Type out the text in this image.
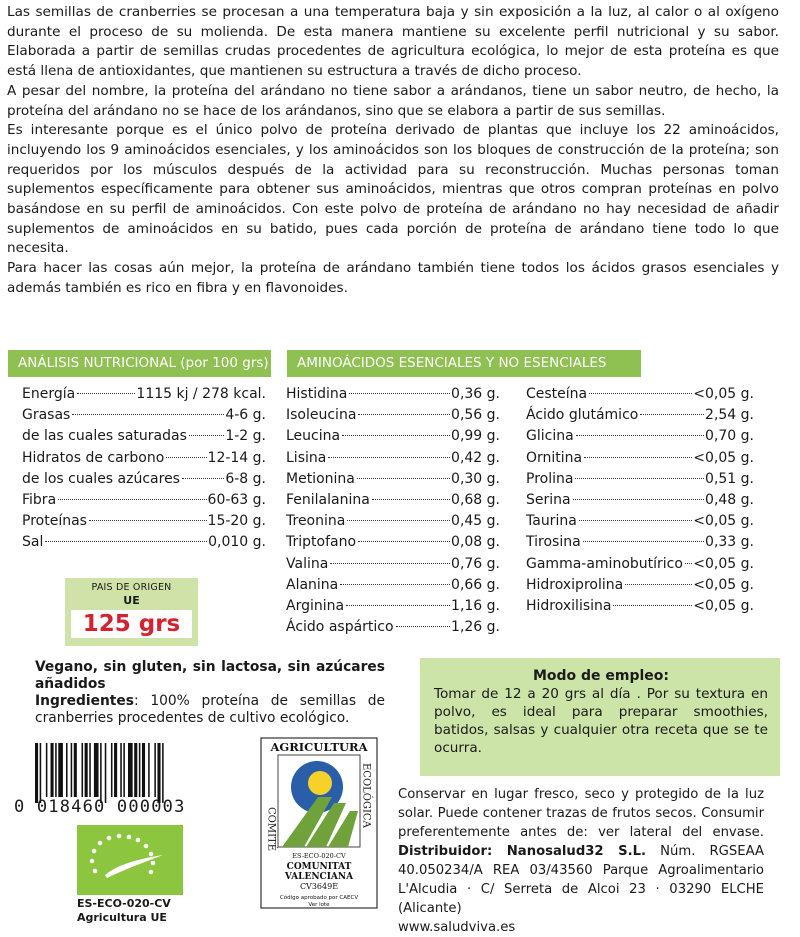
Las semillas de cranberries se procesan a una temperatura baja y sin exposición a la luz, al calor o al oxígeno durante el proceso de su molienda. De esta manera mantiene su excelente perfil nutricional y su sabor. Elaborada a partir de semillas crudas procedentes de agricultura ecológica, lo mejor de esta proteína es que está llena de antioxidantes, que mantienen su estructura a través de dicho proceso.

A pesar del nombre, la proteína del arándano no tiene sabor a arándanos, tiene un sabor neutro, de hecho, la proteína del arándano no se hace de los arándanos, sino que se elabora a partir de sus semillas.

Es interesante porque es el único polvo de proteína derivado de plantas que incluye los 22 aminoácidos, incluyendo los 9 aminoácidos esenciales, y los aminoácidos son los bloques de construcción de la proteína; son requeridos por los músculos después de la actividad para su reconstrucción. Muchas personas toman suplementos específicamente para obtener sus aminoácidos, mientras que otros compran proteínas en polvo basándose en su perfil de aminoácidos. Con este polvo de proteína de arándano no hay necesidad de añadir suplementos de aminoácidos en su batido, pues cada porción de proteína de arándano tiene todo lo que necesita.

Para hacer las cosas aún mejor, la proteína de arándano también tiene todos los ácidos grasos esenciales y además también es rico en fibra y en flavonoides.

ANÁLISIS NUTRICIONAL (por 100 grs)	AMINOÁCIDOS ESENCIALES Y NO ESENCIALES
Energía	1115 kj / 278 kcal.
Grasas	4-6 g.
de las cuales saturadas	1-2 g.
Hidratos de carbono	12-14 g.
de los cuales azúcares	6-8 g.
Fibra	60-63 g.
Proteínas	15-20 g.
Sal	0,010 g.
Histidina	0,36 g.
Isoleucina	0,56 g.
Leucina	0,99 g.
Lisina	0,42 g.
Metionina	0,30 g.
Fenilalanina	0,68 g.
Treonina	0,45 g.
Triptofano	0,08 g.
Valina	0,76 g.
Alanina	0,66 g.
Arginina	1,16 g.
Ácido aspártico	1,26 g.
Cesteína	<0,05 g.
Ácido glutámico	2,54 g.
Glicina	0,70 g.
Ornitina	<0,05 g.
Prolina	0,51 g.
Serina	0,48 g.
Taurina	<0,05 g.
Tirosina	0,33 g.
Gamma-aminobutírico <0,05 g.
Hidroxiprolina	<0,05 g.
Hidroxilisina	<0,05 g.
PAIS DE ORIGEN
UE
125 grs
Vegano, sin gluten, sin lactosa, sin azúcares añadidos
Ingredientes: 100% proteína de semillas de cranberries procedentes de cultivo ecológico.

Modo de empleo:

Tomar de 12 a 20 grs al día . Por su textura en polvo, es ideal para preparar smoothies, batidos, salsas y cualquier otra receta que se te ocurra.

Conservar en lugar fresco, seco y protegido de la luz solar. Puede contener trazas de frutos secos. Consumir preferentemente antes de: ver lateral del envase. Distribuidor: Nanosalud32 S.L. Núm. RGSEAA 40.050234/A REA 03/43560 Parque Agroalimentario L'Alcudia · C/ Serreta de Alcoi 23 · 03290 ELCHE (Alicante)
www.saludviva.es
0 018460 000003
ES-ECO-020-CV
Agricultura UE
AGRICULTURA
ECOLÓGICA
COMITÉ
ES-ECO-020-CV
COMUNITAT
VALENCIANA
CV3649E
Código aprobado por CAECV
Ver lote
